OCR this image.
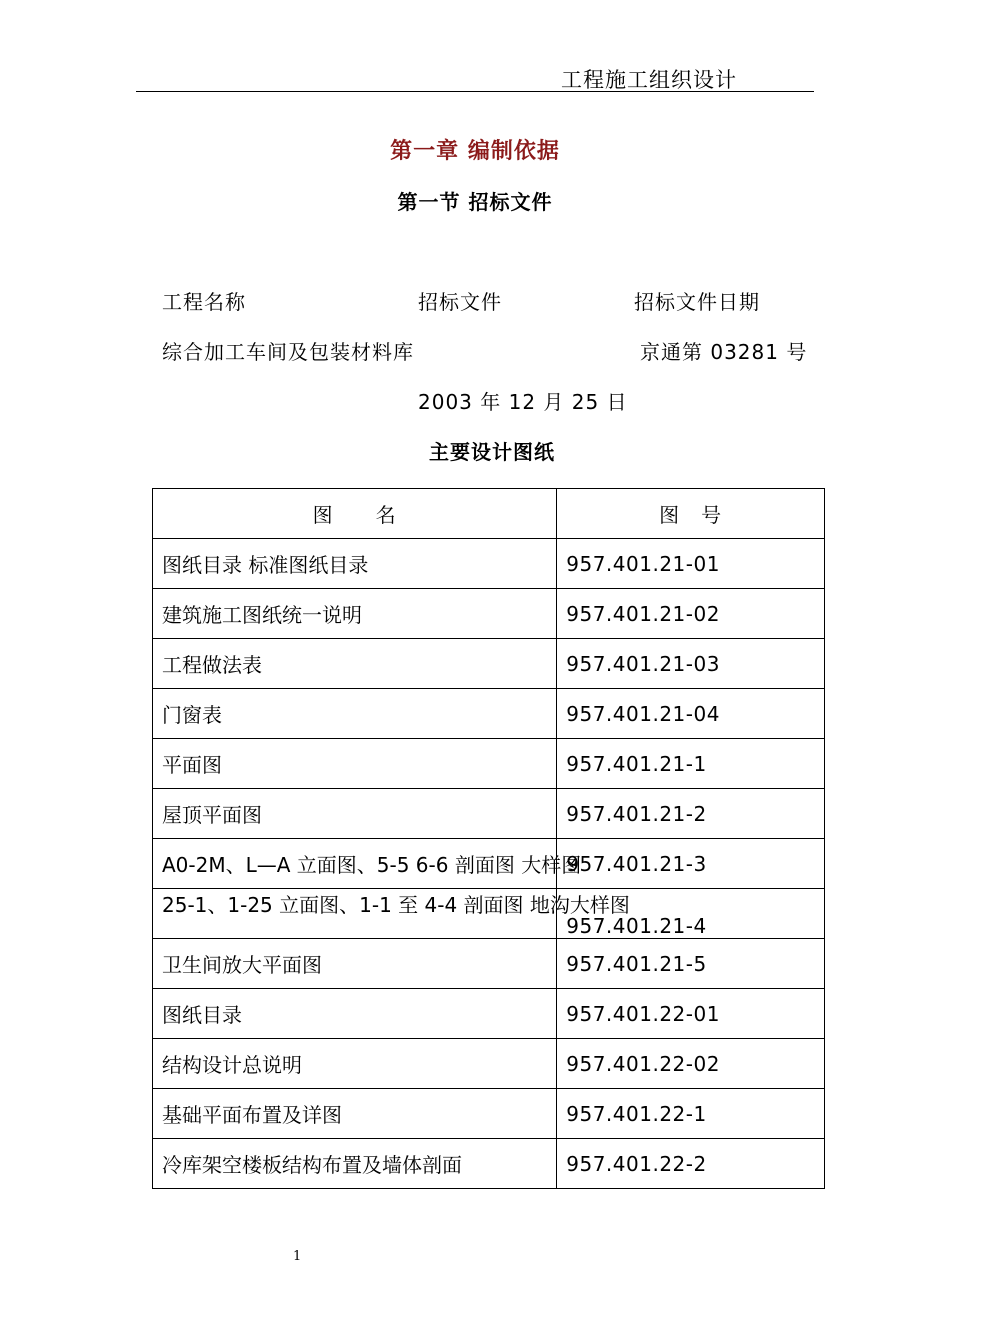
工程施工组织设计
第一章 编制依据
第一节 招标文件
工程名称	招标文件	招标文件日期
综合加工车间及包装材料库	京通第 03281 号
2003 年 12 月 25 日
主要设计图纸
图　　名	图　号
图纸目录 标准图纸目录	957.401.21-01
建筑施工图纸统一说明	957.401.21-02
工程做法表	957.401.21-03
门窗表	957.401.21-04
平面图	957.401.21-1
屋顶平面图	957.401.21-2
A0-2M、L—A 立面图、5-5 6-6 剖面图 大样图	957.401.21-3
25-1、1-25 立面图、1-1 至 4-4 剖面图 地沟大样图	957.401.21-4
卫生间放大平面图	957.401.21-5
图纸目录	957.401.22-01
结构设计总说明	957.401.22-02
基础平面布置及详图	957.401.22-1
冷库架空楼板结构布置及墙体剖面	957.401.22-2
1
